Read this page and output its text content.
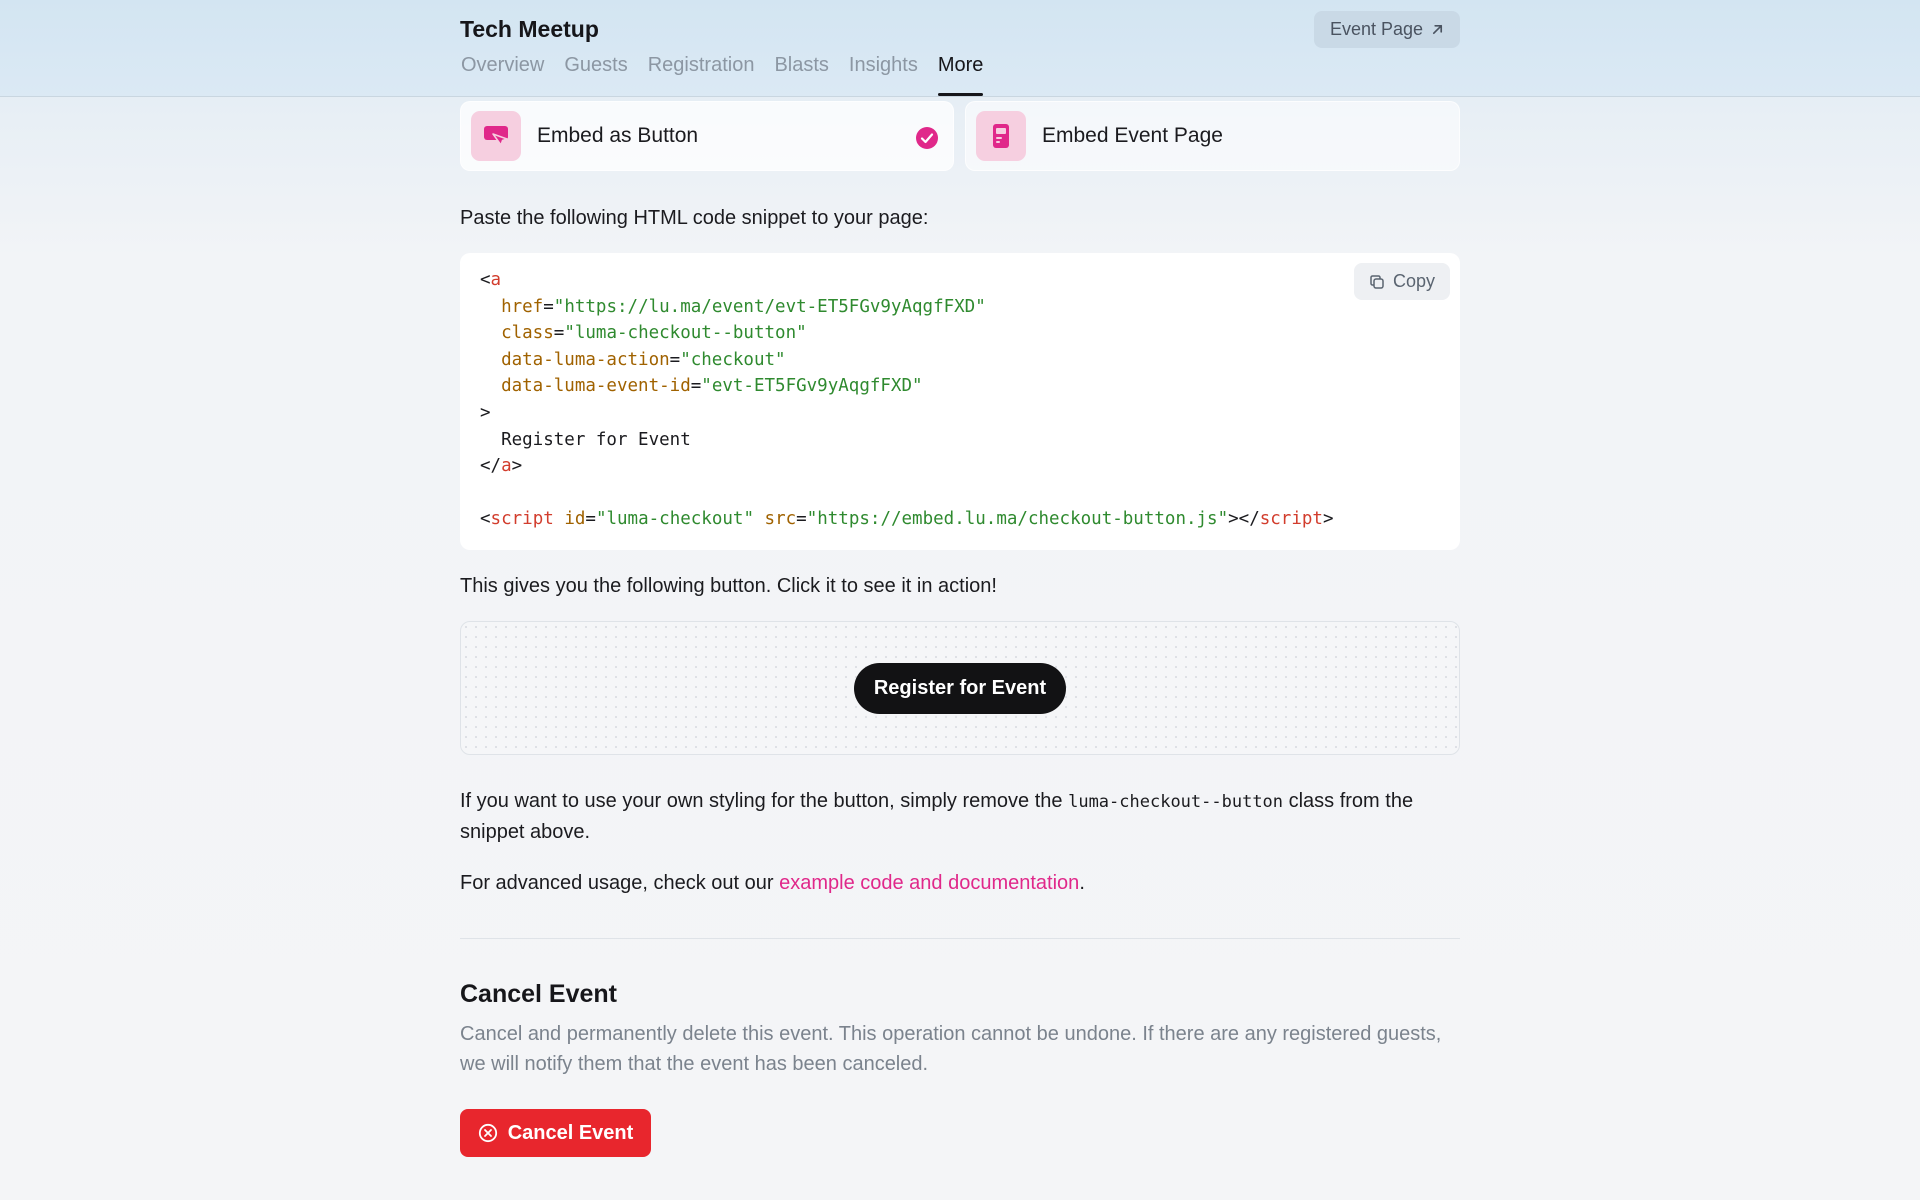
Tech Meetup	Event Page
Overview Guests Registration Blasts Insights More
Embed as Button	Embed Event Page
Paste the following HTML code snippet to your page:
Copy
<a
href="https://lu.ma/event/evt-ET5FGv9yAqgfFXD"
class="luma-checkout--button"
data-luma-action="checkout"
data-luma-event-id="evt-ET5FGv9yAqgfFXD"
>
Register for Event
</a>

<script id="luma-checkout" src="https://embed.lu.ma/checkout-button.js"></script>
This gives you the following button. Click it to see it in action!
Register for Event
If you want to use your own styling for the button, simply remove the luma-checkout--button class from the snippet above.
For advanced usage, check out our example code and documentation.
Cancel Event
Cancel and permanently delete this event. This operation cannot be undone. If there are any registered guests, we will notify them that the event has been canceled.
Cancel Event
